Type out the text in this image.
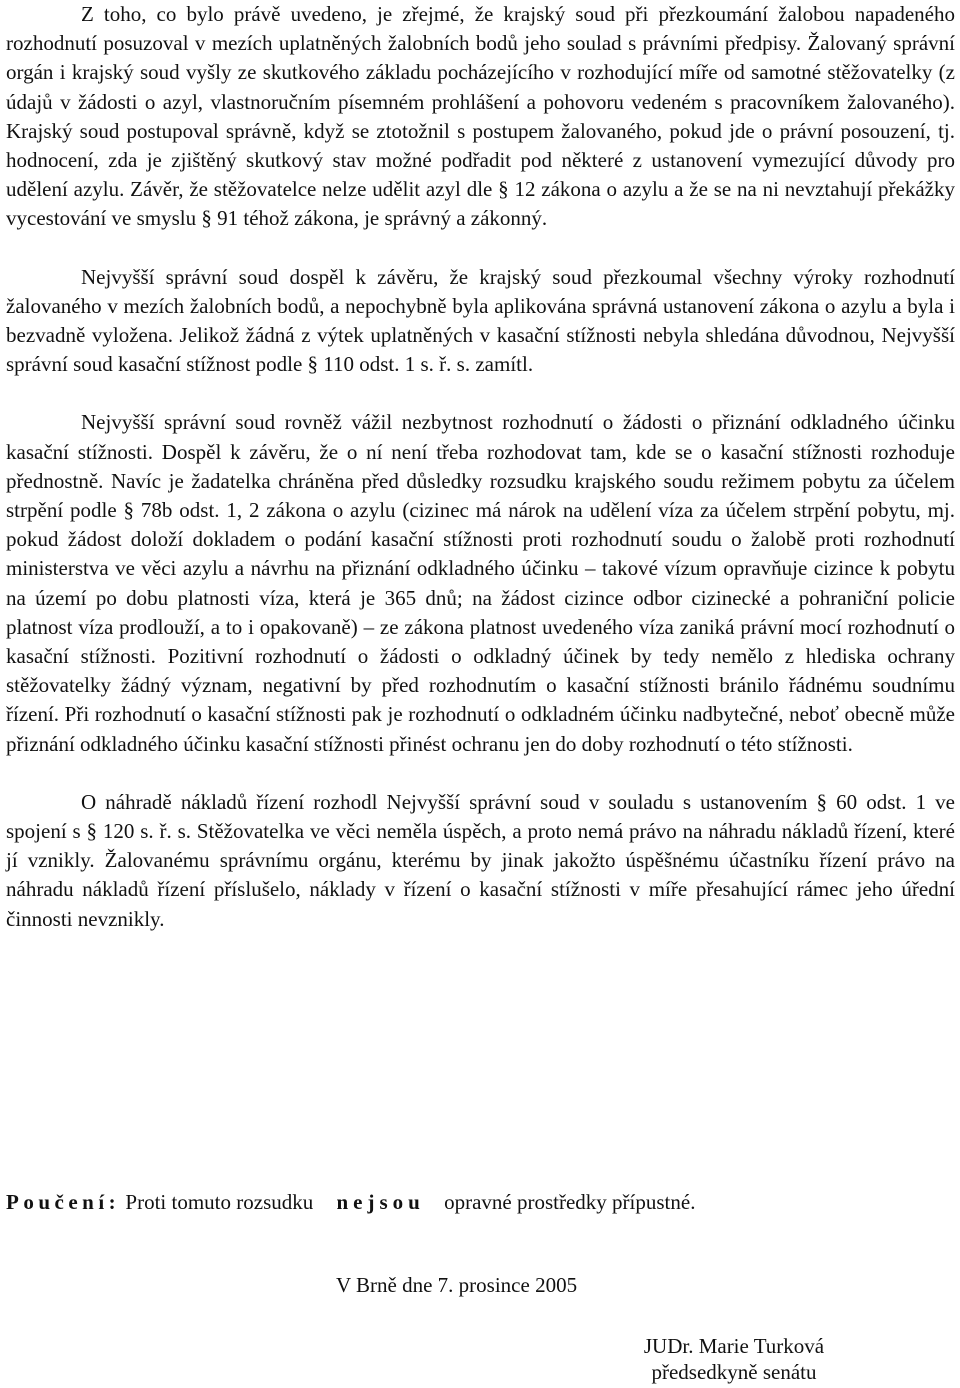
Z toho, co bylo právě uvedeno, je zřejmé, že krajský soud při přezkoumání žalobou napadeného rozhodnutí posuzoval v mezích uplatněných žalobních bodů jeho soulad s právními předpisy. Žalovaný správní orgán i krajský soud vyšly ze skutkového základu pocházejícího v rozhodující míře od samotné stěžovatelky (z údajů v žádosti o azyl, vlastnoručním písemném prohlášení a pohovoru vedeném s pracovníkem žalovaného). Krajský soud postupoval správně, když se ztotožnil s postupem žalovaného, pokud jde o právní posouzení, tj. hodnocení, zda je zjištěný skutkový stav možné podřadit pod některé z ustanovení vymezující důvody pro udělení azylu. Závěr, že stěžovatelce nelze udělit azyl dle § 12 zákona o azylu a že se na ni nevztahují překážky vycestování ve smyslu § 91 téhož zákona, je správný a zákonný.

Nejvyšší správní soud dospěl k závěru, že krajský soud přezkoumal všechny výroky rozhodnutí žalovaného v mezích žalobních bodů, a nepochybně byla aplikována správná ustanovení zákona o azylu a byla i bezvadně vyložena. Jelikož žádná z výtek uplatněných v kasační stížnosti nebyla shledána důvodnou, Nejvyšší správní soud kasační stížnost podle § 110 odst. 1 s. ř. s. zamítl.

Nejvyšší správní soud rovněž vážil nezbytnost rozhodnutí o žádosti o přiznání odkladného účinku kasační stížnosti. Dospěl k závěru, že o ní není třeba rozhodovat tam, kde se o kasační stížnosti rozhoduje přednostně. Navíc je žadatelka chráněna před důsledky rozsudku krajského soudu režimem pobytu za účelem strpění podle § 78b odst. 1, 2 zákona o azylu (cizinec má nárok na udělení víza za účelem strpění pobytu, mj. pokud žádost doloží dokladem o podání kasační stížnosti proti rozhodnutí soudu o žalobě proti rozhodnutí ministerstva ve věci azylu a návrhu na přiznání odkladného účinku – takové vízum opravňuje cizince k pobytu na území po dobu platnosti víza, která je 365 dnů; na žádost cizince odbor cizinecké a pohraniční policie platnost víza prodlouží, a to i opakovaně) – ze zákona platnost uvedeného víza zaniká právní mocí rozhodnutí o kasační stížnosti. Pozitivní rozhodnutí o žádosti o odkladný účinek by tedy nemělo z hlediska ochrany stěžovatelky žádný význam, negativní by před rozhodnutím o kasační stížnosti bránilo řádnému soudnímu řízení. Při rozhodnutí o kasační stížnosti pak je rozhodnutí o odkladném účinku nadbytečné, neboť obecně může přiznání odkladného účinku kasační stížnosti přinést ochranu jen do doby rozhodnutí o této stížnosti.

O náhradě nákladů řízení rozhodl Nejvyšší správní soud v souladu s ustanovením § 60 odst. 1 ve spojení s § 120 s. ř. s. Stěžovatelka ve věci neměla úspěch, a proto nemá právo na náhradu nákladů řízení, které jí vznikly. Žalovanému správnímu orgánu, kterému by jinak jakožto úspěšnému účastníku řízení právo na náhradu nákladů řízení příslušelo, náklady v řízení o kasační stížnosti v míře přesahující rámec jeho úřední činnosti nevznikly.

Poučení: Proti tomuto rozsudku nejsou opravné prostředky přípustné.

V Brně dne 7. prosince 2005

JUDr. Marie Turková
předsedkyně senátu
